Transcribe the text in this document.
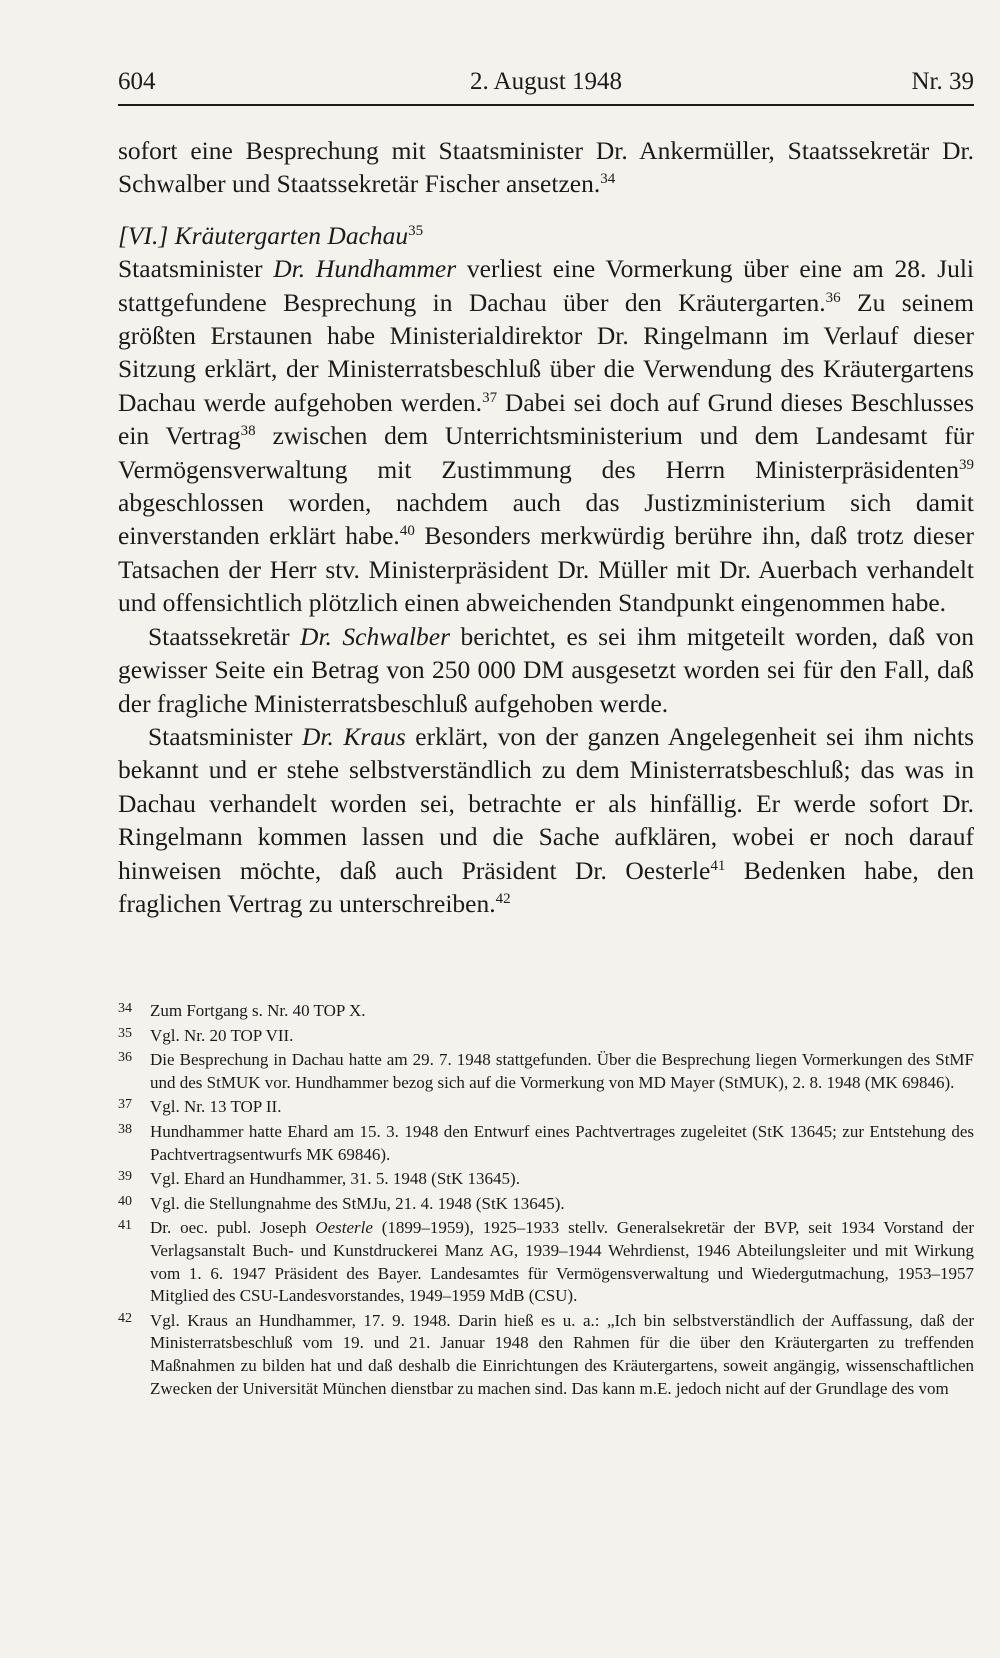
604	2. August 1948	Nr. 39

sofort eine Besprechung mit Staatsminister Dr. Ankermüller, Staatssekretär Dr. Schwalber und Staatssekretär Fischer ansetzen.$^{34}$

[VI.] Kräutergarten Dachau$^{35}$

Staatsminister Dr. Hundhammer verliest eine Vormerkung über eine am 28. Juli stattgefundene Besprechung in Dachau über den Kräutergarten.$^{36}$ Zu seinem größten Erstaunen habe Ministerialdirektor Dr. Ringelmann im Verlauf dieser Sitzung erklärt, der Ministerratsbeschluß über die Verwendung des Kräutergartens Dachau werde aufgehoben werden.$^{37}$ Dabei sei doch auf Grund dieses Beschlusses ein Vertrag$^{38}$ zwischen dem Unterrichtsministerium und dem Landesamt für Vermögensverwaltung mit Zustimmung des Herrn Ministerpräsidenten$^{39}$ abgeschlossen worden, nachdem auch das Justizministerium sich damit einverstanden erklärt habe.$^{40}$ Besonders merkwürdig berühre ihn, daß trotz dieser Tatsachen der Herr stv. Ministerpräsident Dr. Müller mit Dr. Auerbach verhandelt und offensichtlich plötzlich einen abweichenden Standpunkt eingenommen habe.

Staatssekretär Dr. Schwalber berichtet, es sei ihm mitgeteilt worden, daß von gewisser Seite ein Betrag von 250 000 DM ausgesetzt worden sei für den Fall, daß der fragliche Ministerratsbeschluß aufgehoben werde.

Staatsminister Dr. Kraus erklärt, von der ganzen Angelegenheit sei ihm nichts bekannt und er stehe selbstverständlich zu dem Ministerratsbeschluß; das was in Dachau verhandelt worden sei, betrachte er als hinfällig. Er werde sofort Dr. Ringelmann kommen lassen und die Sache aufklären, wobei er noch darauf hinweisen möchte, daß auch Präsident Dr. Oesterle$^{41}$ Bedenken habe, den fraglichen Vertrag zu unterschreiben.$^{42}$

34 Zum Fortgang s. Nr. 40 TOP X.
35 Vgl. Nr. 20 TOP VII.
36 Die Besprechung in Dachau hatte am 29. 7. 1948 stattgefunden. Über die Besprechung liegen Vormerkungen des StMF und des StMUK vor. Hundhammer bezog sich auf die Vormerkung von MD Mayer (StMUK), 2. 8. 1948 (MK 69846).
37 Vgl. Nr. 13 TOP II.
38 Hundhammer hatte Ehard am 15. 3. 1948 den Entwurf eines Pachtvertrages zugeleitet (StK 13645; zur Entstehung des Pachtvertragsentwurfs MK 69846).
39 Vgl. Ehard an Hundhammer, 31. 5. 1948 (StK 13645).
40 Vgl. die Stellungnahme des StMJu, 21. 4. 1948 (StK 13645).
41 Dr. oec. publ. Joseph Oesterle (1899–1959), 1925–1933 stellv. Generalsekretär der BVP, seit 1934 Vorstand der Verlagsanstalt Buch- und Kunstdruckerei Manz AG, 1939–1944 Wehrdienst, 1946 Abteilungsleiter und mit Wirkung vom 1. 6. 1947 Präsident des Bayer. Landesamtes für Vermögensverwaltung und Wiedergutmachung, 1953–1957 Mitglied des CSU-Landesvorstandes, 1949–1959 MdB (CSU).
42 Vgl. Kraus an Hundhammer, 17. 9. 1948. Darin hieß es u. a.: „Ich bin selbstverständlich der Auffassung, daß der Ministerratsbeschluß vom 19. und 21. Januar 1948 den Rahmen für die über den Kräutergarten zu treffenden Maßnahmen zu bilden hat und daß deshalb die Einrichtungen des Kräutergartens, soweit angängig, wissenschaftlichen Zwecken der Universität München dienstbar zu machen sind. Das kann m.E. jedoch nicht auf der Grundlage des vom
